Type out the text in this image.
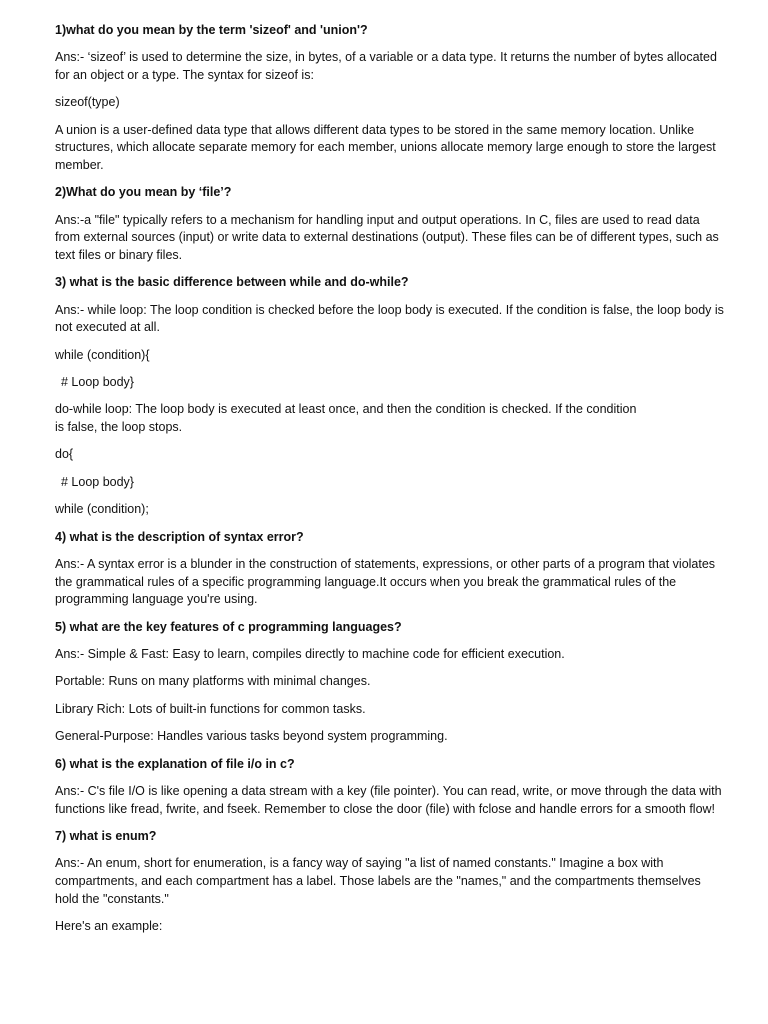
1)what do you mean by the term 'sizeof' and 'union'?
Ans:- ‘sizeof’ is used to determine the size, in bytes, of a variable or a data type. It returns the number of bytes allocated for an object or a type. The syntax for sizeof is:
sizeof(type)
A union is a user-defined data type that allows different data types to be stored in the same memory location. Unlike structures, which allocate separate memory for each member, unions allocate memory large enough to store the largest member.
2)What do you mean by ‘file’?
Ans:-a "file" typically refers to a mechanism for handling input and output operations. In C, files are used to read data from external sources (input) or write data to external destinations (output). These files can be of different types, such as text files or binary files.
3) what is the basic difference between while and do-while?
Ans:- while loop: The loop condition is checked before the loop body is executed. If the condition is false, the loop body is not executed at all.
while (condition){
# Loop body}
do-while loop: The loop body is executed at least once, and then the condition is checked. If the condition
is false, the loop stops.
do{
# Loop body}
while (condition);
4) what is the description of syntax error?
Ans:- A syntax error is a blunder in the construction of statements, expressions, or other parts of a program that violates the grammatical rules of a specific programming language.It occurs when you break the grammatical rules of the programming language you're using.
5) what are the key features of c programming languages?
Ans:- Simple & Fast: Easy to learn, compiles directly to machine code for efficient execution.
Portable: Runs on many platforms with minimal changes.
Library Rich: Lots of built-in functions for common tasks.
General-Purpose: Handles various tasks beyond system programming.
6) what is the explanation of file i/o in c?
Ans:- C's file I/O is like opening a data stream with a key (file pointer). You can read, write, or move through the data with functions like fread, fwrite, and fseek. Remember to close the door (file) with fclose and handle errors for a smooth flow!
7) what is enum?
Ans:- An enum, short for enumeration, is a fancy way of saying "a list of named constants." Imagine a box with compartments, and each compartment has a label. Those labels are the "names," and the compartments themselves hold the "constants."
Here's an example:
